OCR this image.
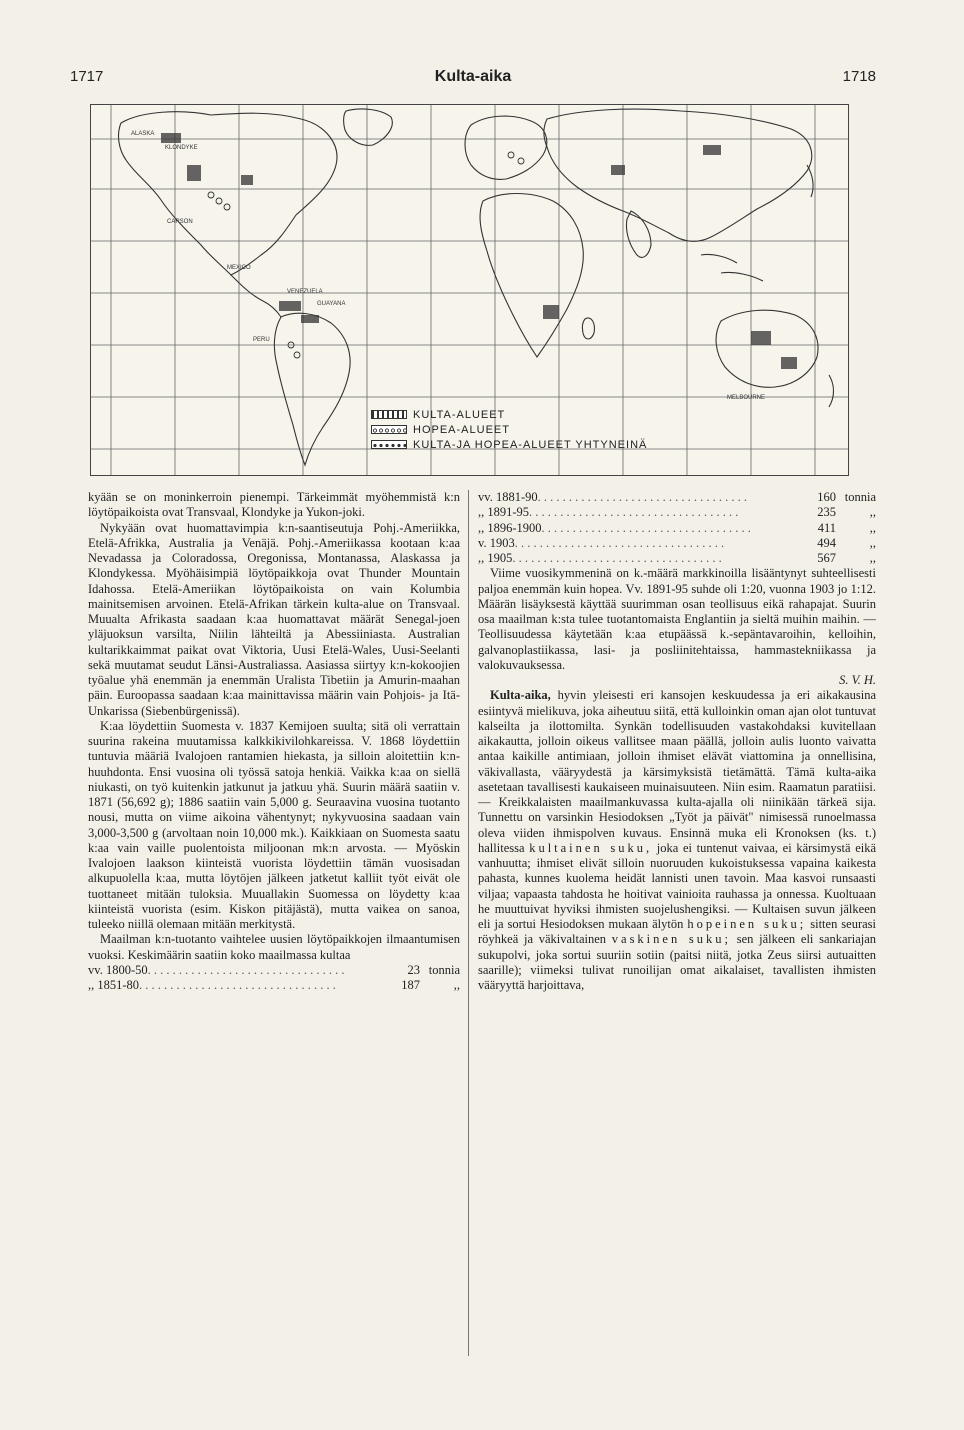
1717	Kulta-aika	1718
KLONDYKE
ALASKA
CARSON
MEXICO
VENEZUELA
GUAYANA
PERU
MELBOURNE
KULTA-ALUEET
HOPEA-ALUEET
KULTA-JA HOPEA-ALUEET YHTYNEINÄ

kyään se on moninkerroin pienempi. Tärkeimmät myöhemmistä k:n löytöpaikoista ovat Transvaal, Klondyke ja Yukon-joki.

Nykyään ovat huomattavimpia k:n-saantiseutuja Pohj.-Ameriikka, Etelä-Afrikka, Australia ja Venäjä. Pohj.-Ameriikassa kootaan k:aa Nevadassa ja Coloradossa, Oregonissa, Montanassa, Alaskassa ja Klondykessa. Myöhäisimpiä löytöpaikkoja ovat Thunder Mountain Idahossa. Etelä-Ameriikan löytöpaikoista on vain Kolumbia mainitsemisen arvoinen. Etelä-Afrikan tärkein kulta-alue on Transvaal. Muualta Afrikasta saadaan k:aa huomattavat määrät Senegal-joen yläjuoksun varsilta, Niilin lähteiltä ja Abessiiniasta. Australian kultarikkaimmat paikat ovat Viktoria, Uusi Etelä-Wales, Uusi-Seelanti sekä muutamat seudut Länsi-Australiassa. Aasiassa siirtyy k:n-kokoojien työalue yhä enemmän ja enemmän Uralista Tibetiin ja Amurin-maahan päin. Euroopassa saadaan k:aa mainittavissa määrin vain Pohjois- ja Itä-Unkarissa (Siebenbürgenissä).

K:aa löydettiin Suomesta v. 1837 Kemijoen suulta; sitä oli verrattain suurina rakeina muutamissa kalkkikivilohkareissa. V. 1868 löydettiin tuntuvia määriä Ivalojoen rantamien hiekasta, ja silloin aloitettiin k:n-huuhdonta. Ensi vuosina oli työssä satoja henkiä. Vaikka k:aa on siellä niukasti, on työ kuitenkin jatkunut ja jatkuu yhä. Suurin määrä saatiin v. 1871 (56,692 g); 1886 saatiin vain 5,000 g. Seuraavina vuosina tuotanto nousi, mutta on viime aikoina vähentynyt; nykyvuosina saadaan vain 3,000-3,500 g (arvoltaan noin 10,000 mk.). Kaikkiaan on Suomesta saatu k:aa vain vaille puolentoista miljoonan mk:n arvosta. — Myöskin Ivalojoen laakson kiinteistä vuorista löydettiin tämän vuosisadan alkupuolella k:aa, mutta löytöjen jälkeen jatketut kalliit työt eivät ole tuottaneet mitään tuloksia. Muuallakin Suomessa on löydetty k:aa kiinteistä vuorista (esim. Kiskon pitäjästä), mutta vaikea on sanoa, tuleeko niillä olemaan mitään merkitystä.

Maailman k:n-tuotanto vaihtelee uusien löytöpaikkojen ilmaantumisen vuoksi. Keskimäärin saatiin koko maailmassa kultaa

vv. 1800-50 . . . . . . . . . . . . . . . . . . . . . . . . . . . . . . . .	23 tonnia
,, 1851-80 . . . . . . . . . . . . . . . . . . . . . . . . . . . . . . . .	187	,,
vv. 1881-90 . . . . . . . . . . . . . . . . . . . . . . . . . . . . . . . . . .	160 tonnia
,, 1891-95 . . . . . . . . . . . . . . . . . . . . . . . . . . . . . . . . . .	235	,,
,, 1896-1900 . . . . . . . . . . . . . . . . . . . . . . . . . . . . . . . . . .	411	,,
v. 1903 . . . . . . . . . . . . . . . . . . . . . . . . . . . . . . . . . .	494	,,
,, 1905 . . . . . . . . . . . . . . . . . . . . . . . . . . . . . . . . . .	567	,,

Viime vuosikymmeninä on k.-määrä markkinoilla lisääntynyt suhteellisesti paljoa enemmän kuin hopea. Vv. 1891-95 suhde oli 1:20, vuonna 1903 jo 1:12. Määrän lisäyksestä käyttää suurimman osan teollisuus eikä rahapajat. Suurin osa maailman k:sta tulee tuotantomaista Englantiin ja sieltä muihin maihin. — Teollisuudessa käytetään k:aa etupäässä k.-sepäntavaroihin, kelloihin, galvanoplastiikassa, lasi- ja posliinitehtaissa, hammastekniikassa ja valokuvauksessa.

S. V. H.

Kulta-aika, hyvin yleisesti eri kansojen keskuudessa ja eri aikakausina esiintyvä mielikuva, joka aiheutuu siitä, että kulloinkin oman ajan olot tuntuvat kalseilta ja ilottomilta. Synkän todellisuuden vastakohdaksi kuvitellaan aikakautta, jolloin oikeus vallitsee maan päällä, jolloin aulis luonto vaivatta antaa kaikille antimiaan, jolloin ihmiset elävät viattomina ja onnellisina, väkivallasta, vääryydestä ja kärsimyksistä tietämättä. Tämä kulta-aika asetetaan tavallisesti kaukaiseen muinaisuuteen. Niin esim. Raamatun paratiisi. — Kreikkalaisten maailmankuvassa kulta-ajalla oli niinikään tärkeä sija. Tunnettu on varsinkin Hesiodoksen „Työt ja päivät" nimisessä runoelmassa oleva viiden ihmispolven kuvaus. Ensinnä muka eli Kronoksen (ks. t.) hallitessa kultainen suku, joka ei tuntenut vaivaa, ei kärsimystä eikä vanhuutta; ihmiset elivät silloin nuoruuden kukoistuksessa vapaina kaikesta pahasta, kunnes kuolema heidät lannisti unen tavoin. Maa kasvoi runsaasti viljaa; vapaasta tahdosta he hoitivat vainioita rauhassa ja onnessa. Kuoltuaan he muuttuivat hyviksi ihmisten suojelushengiksi. — Kultaisen suvun jälkeen eli ja sortui Hesiodoksen mukaan älytön hopeinen suku; sitten seurasi röyhkeä ja väkivaltainen vaskinen suku; sen jälkeen eli sankariajan sukupolvi, joka sortui suuriin sotiin (paitsi niitä, jotka Zeus siirsi autuaitten saarille); viimeksi tulivat runoilijan omat aikalaiset, tavallisten ihmisten vääryyttä harjoittava,
